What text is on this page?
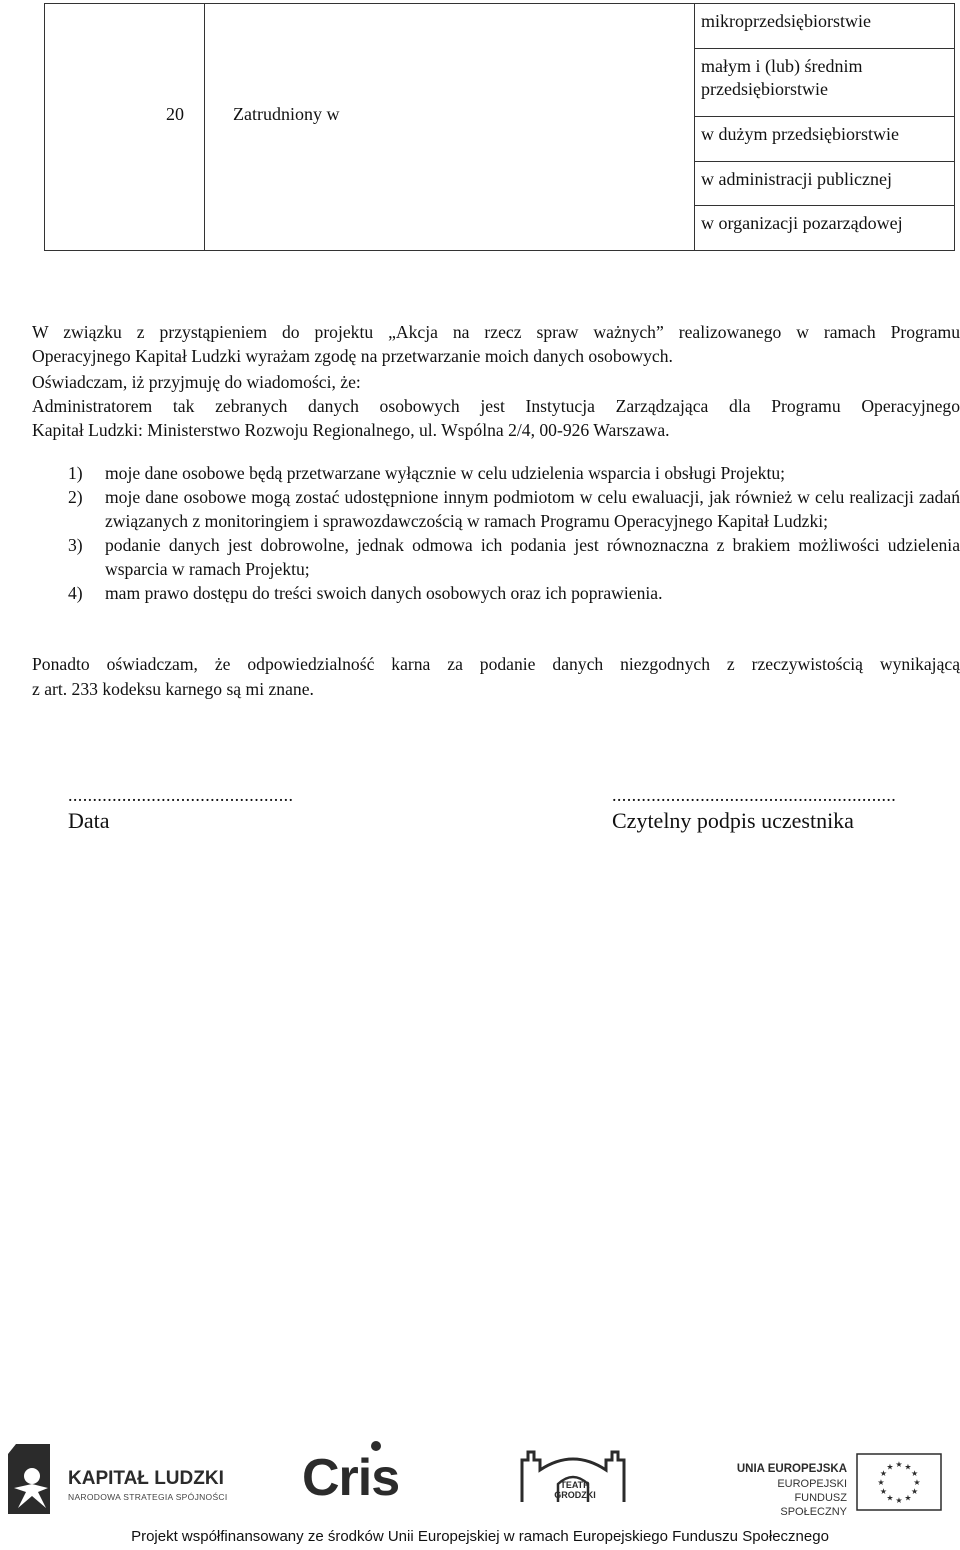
mikroprzedsiębiorstwie
małym i (lub) średnim przedsiębiorstwie
w dużym przedsiębiorstwie
w administracji publicznej
w organizacji pozarządowej
20	Zatrudniony w

W związku z przystąpieniem do projektu „Akcja na rzecz spraw ważnych” realizowanego w ramach Programu

Operacyjnego Kapitał Ludzki wyrażam zgodę na przetwarzanie moich danych osobowych.

Oświadczam, iż przyjmuję do wiadomości, że:

Administratorem tak zebranych danych osobowych jest Instytucja Zarządzająca dla Programu Operacyjnego

Kapitał Ludzki: Ministerstwo Rozwoju Regionalnego, ul. Wspólna 2/4, 00-926 Warszawa.

1) moje dane osobowe będą przetwarzane wyłącznie w celu udzielenia wsparcia i obsługi Projektu;
2) moje dane osobowe mogą zostać udostępnione innym podmiotom w celu ewaluacji, jak również w celu realizacji zadań związanych z monitoringiem i sprawozdawczością w ramach Programu Operacyjnego Kapitał Ludzki;
3) podanie danych jest dobrowolne, jednak odmowa ich podania jest równoznaczna z brakiem możliwości udzielenia wsparcia w ramach Projektu;
4) mam prawo dostępu do treści swoich danych osobowych oraz ich poprawienia.

Ponadto oświadczam, że odpowiedzialność karna za podanie danych niezgodnych z rzeczywistością wynikającą

z art. 233 kodeksu karnego są mi znane.

..............................................
Data
..........................................................
Czytelny podpis uczestnika
KAPITAŁ LUDZKI
NARODOWA STRATEGIA SPÓJNOŚCI Cris	TEATR
GRODZKI
UNIA EUROPEJSKA
EUROPEJSKI
FUNDUSZ SPOŁECZNY
★
★
★
★
★
★
★
★
★ ★ ★
★
Projekt współfinansowany ze środków Unii Europejskiej w ramach Europejskiego Funduszu Społecznego
